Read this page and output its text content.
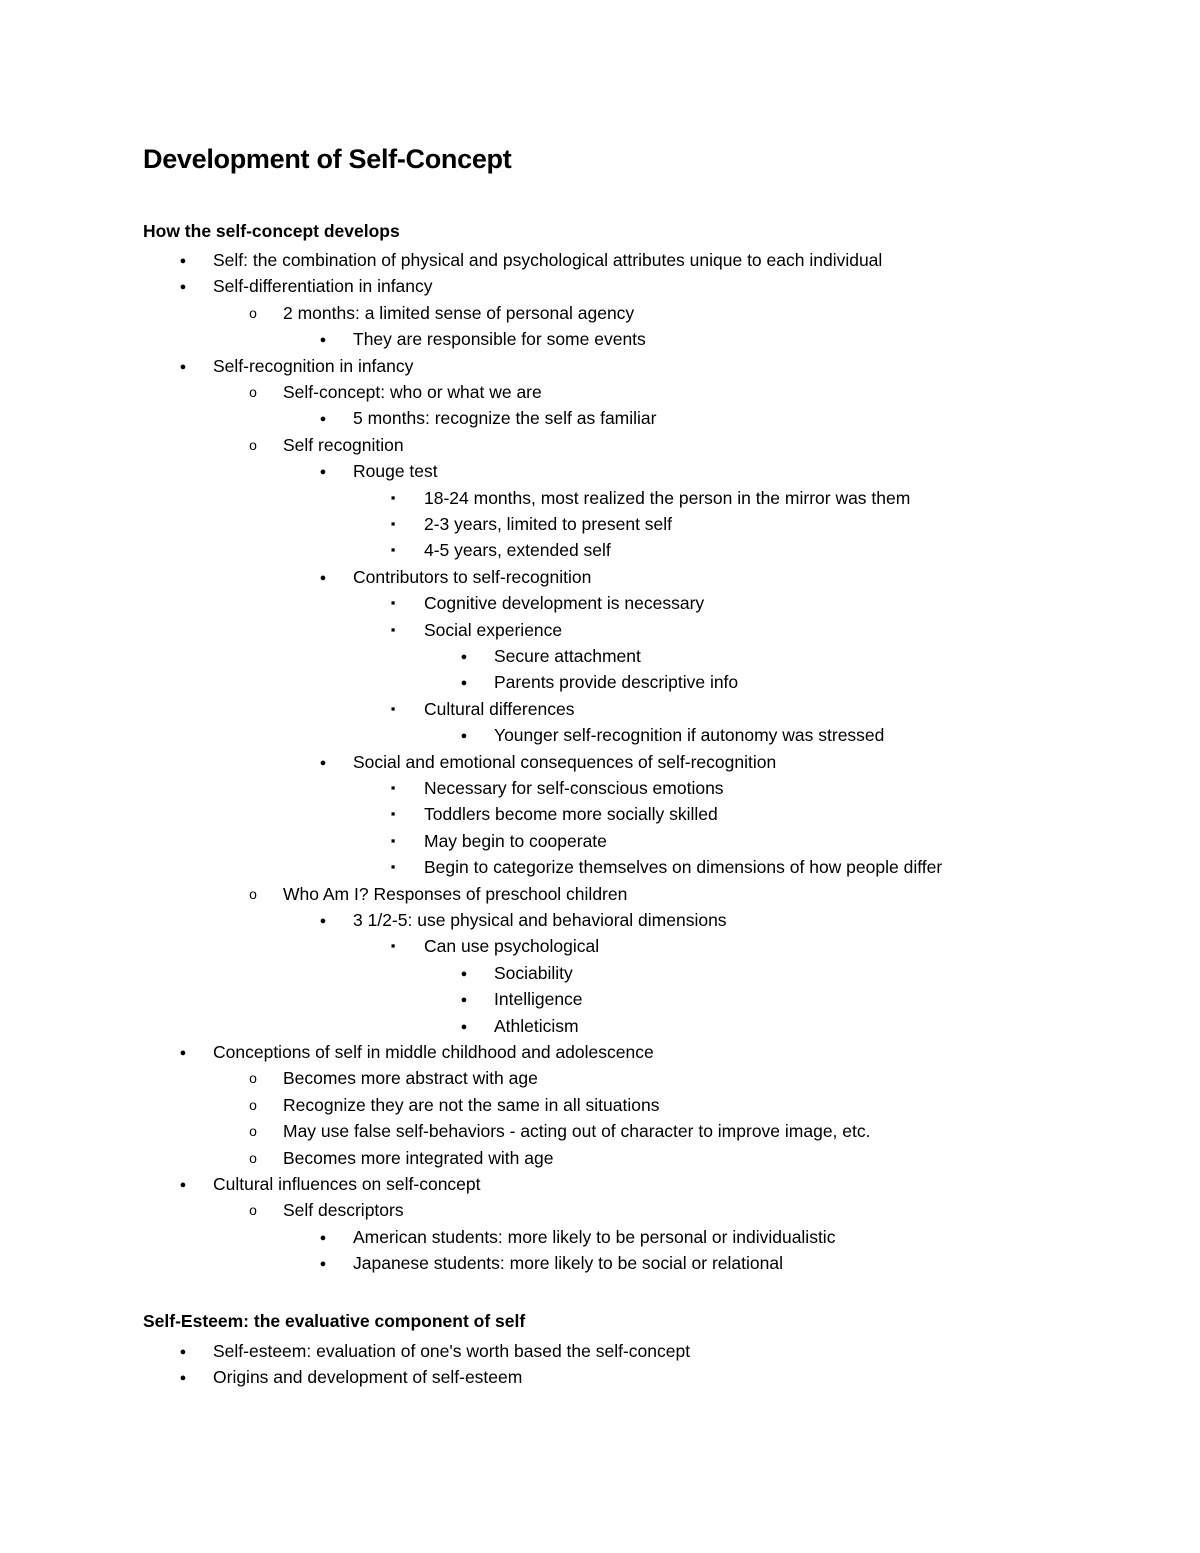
Development of Self-Concept
How the self-concept develops
●
Self: the combination of physical and psychological attributes unique to each individual
●
Self-differentiation in infancy
o
2 months: a limited sense of personal agency
●
They are responsible for some events
●
Self-recognition in infancy
o
Self-concept: who or what we are
●
5 months: recognize the self as familiar
o
Self recognition
●
Rouge test
▪
18-24 months, most realized the person in the mirror was them
▪
2-3 years, limited to present self
▪
4-5 years, extended self
●
Contributors to self-recognition
▪
Cognitive development is necessary
▪
Social experience
●
Secure attachment
●
Parents provide descriptive info
▪
Cultural differences
●
Younger self-recognition if autonomy was stressed
●
Social and emotional consequences of self-recognition
▪
Necessary for self-conscious emotions
▪
Toddlers become more socially skilled
▪
May begin to cooperate
▪
Begin to categorize themselves on dimensions of how people differ
o
Who Am I? Responses of preschool children
●
3 1/2-5: use physical and behavioral dimensions
▪
Can use psychological
●
Sociability
●
Intelligence
●
Athleticism
●
Conceptions of self in middle childhood and adolescence
o
Becomes more abstract with age
o
Recognize they are not the same in all situations
o
May use false self-behaviors - acting out of character to improve image, etc.
o
Becomes more integrated with age
●
Cultural influences on self-concept
o
Self descriptors
●
American students: more likely to be personal or individualistic
●
Japanese students: more likely to be social or relational
Self-Esteem: the evaluative component of self
●
Self-esteem: evaluation of one's worth based the self-concept
●
Origins and development of self-esteem
